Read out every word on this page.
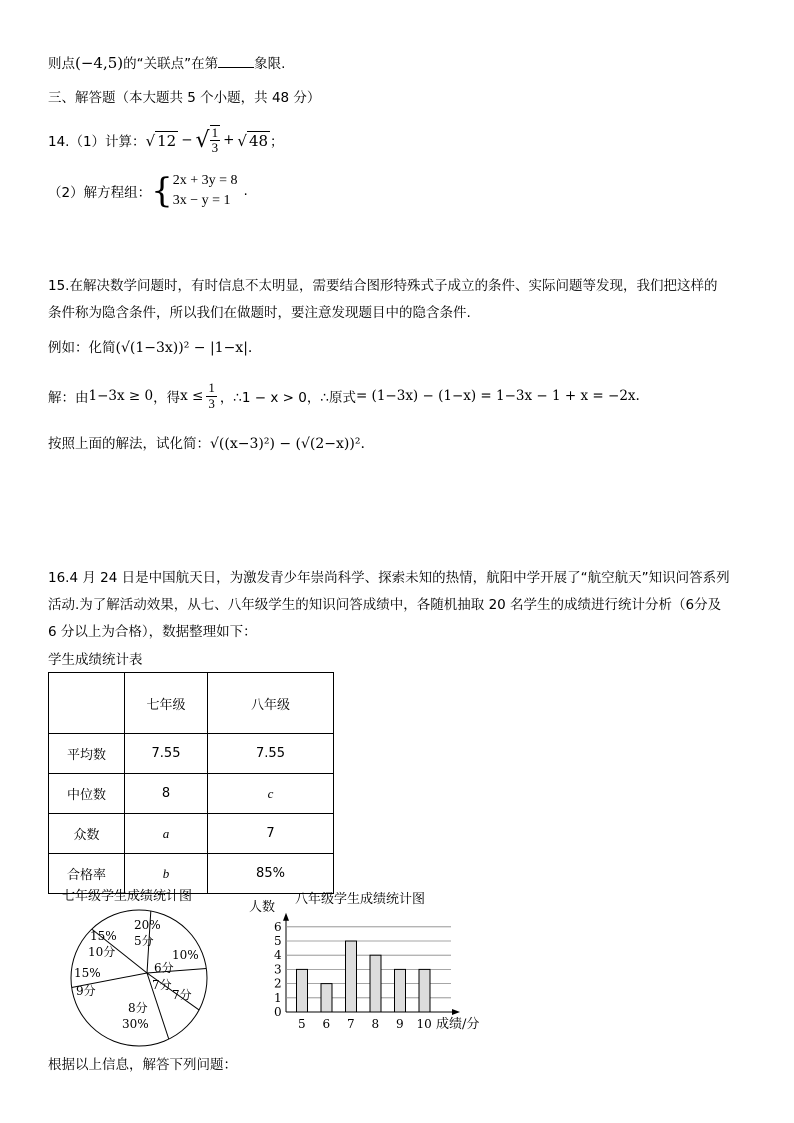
则点(−4,5)的“关联点”在第	象限.
三、解答题（本大题共 5 个小题，共 48 分）
14.（1）计算： √ 12 − √ $\frac{1}{3}$ + √ 48 ；
（2）解方程组： { 2x + 3y = 8
3x − y = 1
.
15.在解决数学问题时，有时信息不太明显，需要结合图形特殊式子成立的条件、实际问题等发现，我们把这样的
条件称为隐含条件，所以我们在做题时，要注意发现题目中的隐含条件.
例如：化简(√(1−3x))² − |1−x|.
解：由 1−3x ≥ 0 ，得 $x \le \frac{1}{3}$ ，∴1 − x > 0，∴原式 = (1−3x) − (1−x) = 1−3x − 1 + x = −2x.
按照上面的解法，试化简：√((x−3)²) − (√(2−x))².
16.4 月 24 日是中国航天日，为激发青少年崇尚科学、探索未知的热情，航阳中学开展了“航空航天”知识问答系列
活动.为了解活动效果，从七、八年级学生的知识问答成绩中，各随机抽取 20 名学生的成绩进行统计分析（6分及
6 分以上为合格），数据整理如下：
学生成绩统计表
	七年级	八年级
平均数	7.55	7.55
中位数	8	c
众数	a	7
合格率	b	85%
七年级学生成绩统计图
20%
5分
6分
10%
7分
8分
30%
15%
9分
15%
10分
7分
八年级学生成绩统计图
人数
成绩/分
0
1
2
3
4
5
6
5 6 7 8 9 10
根据以上信息，解答下列问题：
